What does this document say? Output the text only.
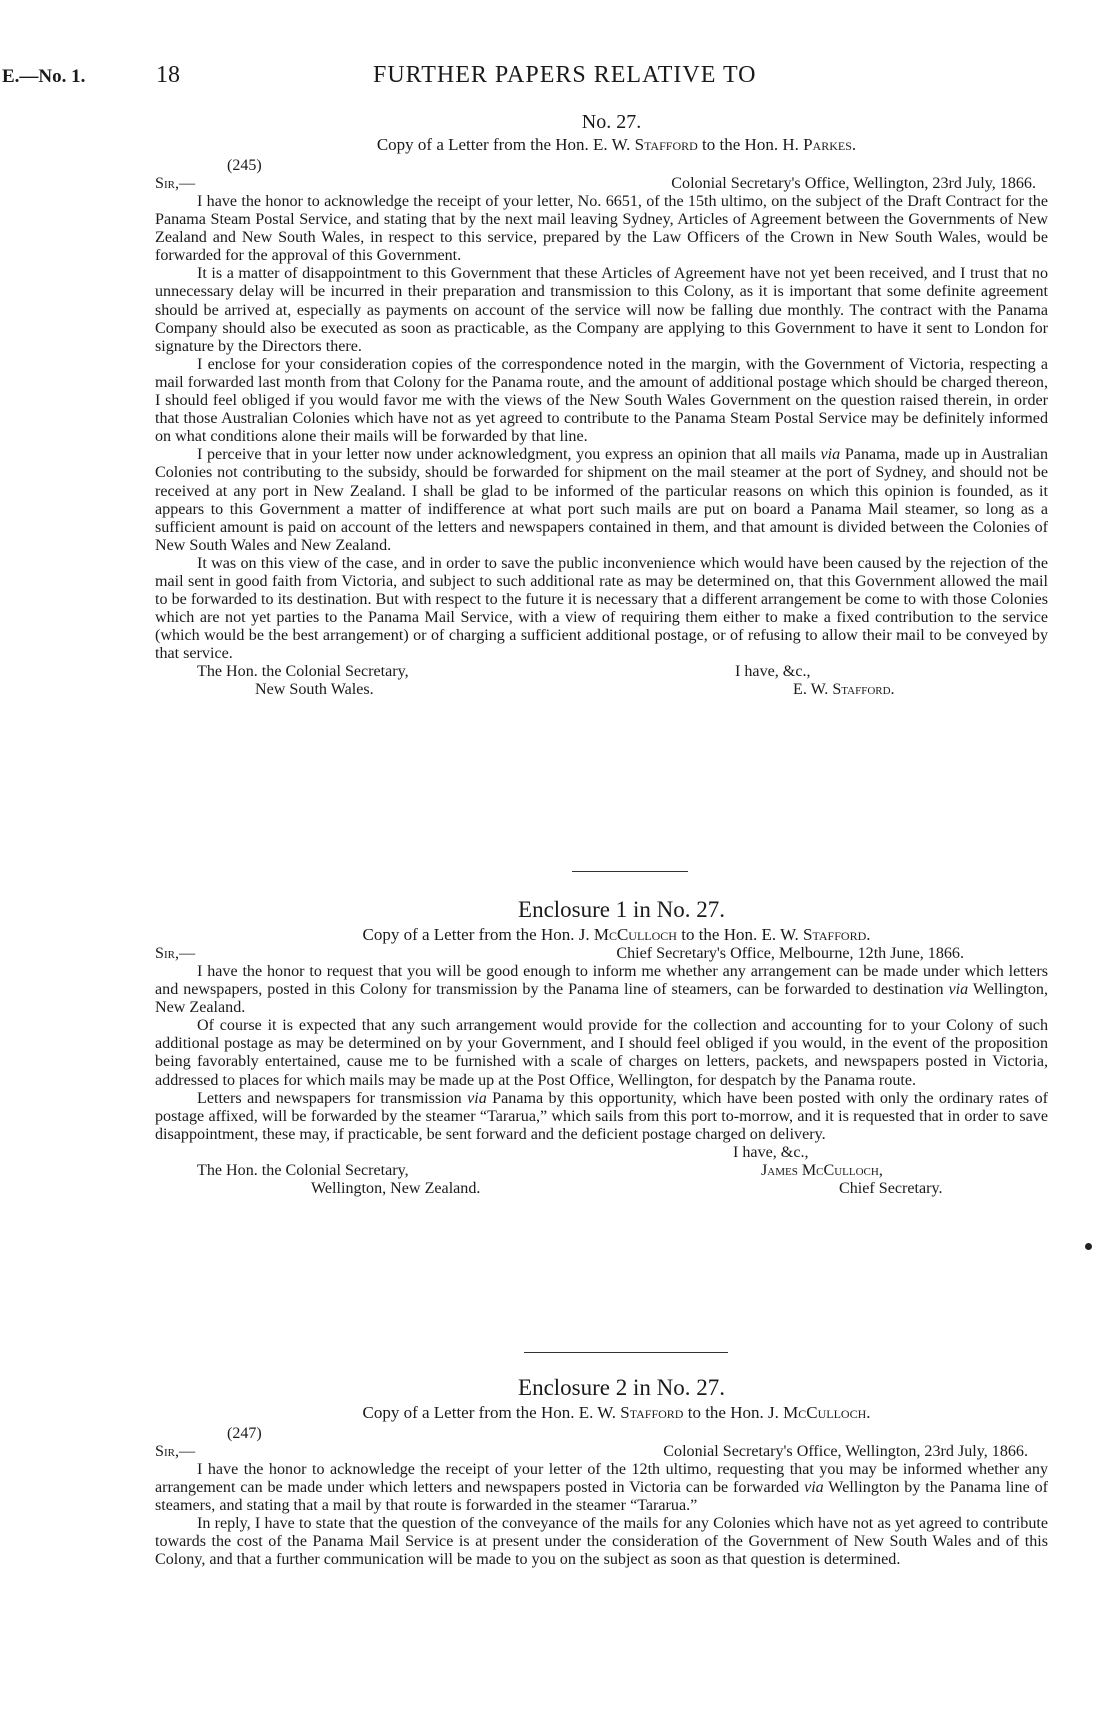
E.—No. 1.	18	FURTHER PAPERS RELATIVE TO

No. 27.

Copy of a Letter from the Hon. E. W. Stafford to the Hon. H. Parkes.

(245)

Sir,—	Colonial Secretary's Office, Wellington, 23rd July, 1866.

I have the honor to acknowledge the receipt of your letter, No. 6651, of the 15th ultimo, on the subject of the Draft Contract for the Panama Steam Postal Service, and stating that by the next mail leaving Sydney, Articles of Agreement between the Governments of New Zealand and New South Wales, in respect to this service, prepared by the Law Officers of the Crown in New South Wales, would be forwarded for the approval of this Government.

It is a matter of disappointment to this Government that these Articles of Agreement have not yet been received, and I trust that no unnecessary delay will be incurred in their preparation and transmission to this Colony, as it is important that some definite agreement should be arrived at, especially as payments on account of the service will now be falling due monthly. The contract with the Panama Company should also be executed as soon as practicable, as the Company are applying to this Government to have it sent to London for signature by the Directors there.

I enclose for your consideration copies of the correspondence noted in the margin, with the Government of Victoria, respecting a mail forwarded last month from that Colony for the Panama route, and the amount of additional postage which should be charged thereon, I should feel obliged if you would favor me with the views of the New South Wales Government on the question raised therein, in order that those Australian Colonies which have not as yet agreed to contribute to the Panama Steam Postal Service may be definitely informed on what conditions alone their mails will be forwarded by that line.

I perceive that in your letter now under acknowledgment, you express an opinion that all mails via Panama, made up in Australian Colonies not contributing to the subsidy, should be forwarded for shipment on the mail steamer at the port of Sydney, and should not be received at any port in New Zealand. I shall be glad to be informed of the particular reasons on which this opinion is founded, as it appears to this Government a matter of indifference at what port such mails are put on board a Panama Mail steamer, so long as a sufficient amount is paid on account of the letters and newspapers contained in them, and that amount is divided between the Colonies of New South Wales and New Zealand.

It was on this view of the case, and in order to save the public inconvenience which would have been caused by the rejection of the mail sent in good faith from Victoria, and subject to such additional rate as may be determined on, that this Government allowed the mail to be forwarded to its destination. But with respect to the future it is necessary that a different arrangement be come to with those Colonies which are not yet parties to the Panama Mail Service, with a view of requiring them either to make a fixed contribution to the service (which would be the best arrangement) or of charging a sufficient additional postage, or of refusing to allow their mail to be conveyed by that service.

The Hon. the Colonial Secretary,	I have, &c.,
New South Wales.	E. W. Stafford.

Enclosure 1 in No. 27.

Copy of a Letter from the Hon. J. McCulloch to the Hon. E. W. Stafford.

Sir,—	Chief Secretary's Office, Melbourne, 12th June, 1866.

I have the honor to request that you will be good enough to inform me whether any arrangement can be made under which letters and newspapers, posted in this Colony for transmission by the Panama line of steamers, can be forwarded to destination via Wellington, New Zealand.

Of course it is expected that any such arrangement would provide for the collection and accounting for to your Colony of such additional postage as may be determined on by your Government, and I should feel obliged if you would, in the event of the proposition being favorably entertained, cause me to be furnished with a scale of charges on letters, packets, and newspapers posted in Victoria, addressed to places for which mails may be made up at the Post Office, Wellington, for despatch by the Panama route.

Letters and newspapers for transmission via Panama by this opportunity, which have been posted with only the ordinary rates of postage affixed, will be forwarded by the steamer “Tararua,” which sails from this port to-morrow, and it is requested that in order to save disappointment, these may, if practicable, be sent forward and the deficient postage charged on delivery.

I have, &c.,
The Hon. the Colonial Secretary,	James McCulloch,
Wellington, New Zealand.	Chief Secretary.

Enclosure 2 in No. 27.

Copy of a Letter from the Hon. E. W. Stafford to the Hon. J. McCulloch.

(247)

Sir,—	Colonial Secretary's Office, Wellington, 23rd July, 1866.

I have the honor to acknowledge the receipt of your letter of the 12th ultimo, requesting that you may be informed whether any arrangement can be made under which letters and newspapers posted in Victoria can be forwarded via Wellington by the Panama line of steamers, and stating that a mail by that route is forwarded in the steamer “Tararua.”

In reply, I have to state that the question of the conveyance of the mails for any Colonies which have not as yet agreed to contribute towards the cost of the Panama Mail Service is at present under the consideration of the Government of New South Wales and of this Colony, and that a further communication will be made to you on the subject as soon as that question is determined.
